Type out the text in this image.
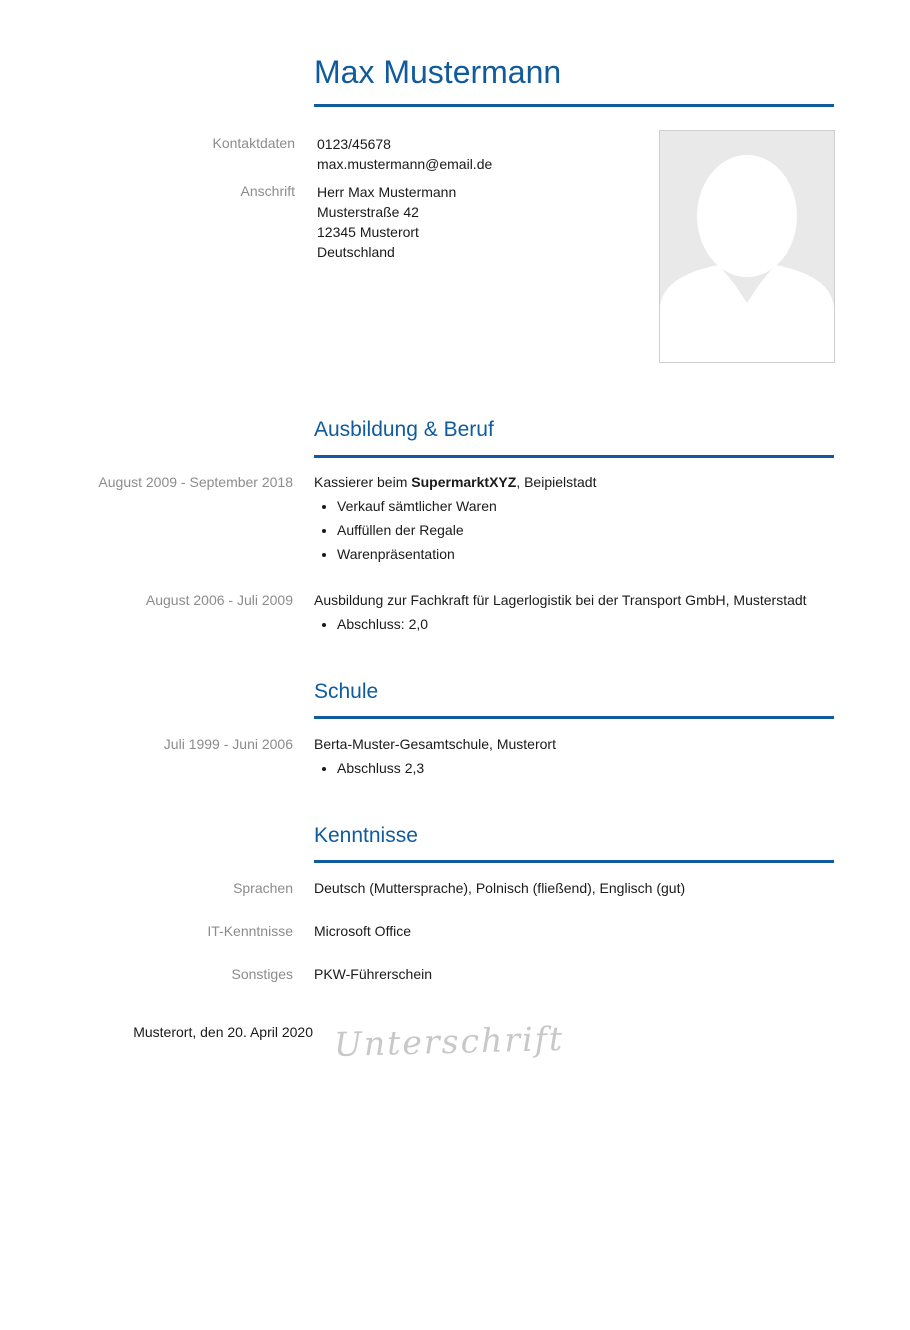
Max Mustermann
Kontaktdaten 0123/45678
max.mustermann@email.de
Anschrift Herr Max Mustermann
Musterstraße 42
12345 Musterort
Deutschland
Ausbildung & Beruf
August 2009 - September 2018 Kassierer beim SupermarktXYZ, Beipielstadt
• Verkauf sämtlicher Waren
• Auffüllen der Regale
• Warenpräsentation
August 2006 - Juli 2009 Ausbildung zur Fachkraft für Lagerlogistik bei der Transport GmbH, Musterstadt
• Abschluss: 2,0
Schule
Juli 1999 - Juni 2006 Berta-Muster-Gesamtschule, Musterort
• Abschluss 2,3
Kenntnisse
Sprachen Deutsch (Muttersprache), Polnisch (fließend), Englisch (gut)
IT-Kenntnisse Microsoft Office
Sonstiges PKW-Führerschein
Musterort, den 20. April 2020 Unterschrift
